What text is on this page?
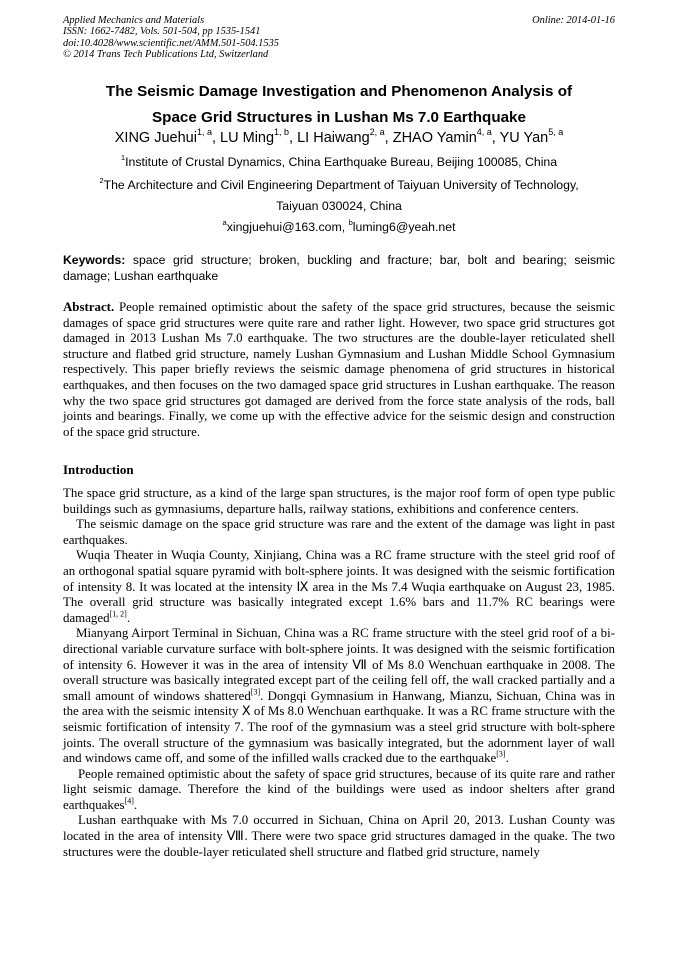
Applied Mechanics and Materials
ISSN: 1662-7482, Vols. 501-504, pp 1535-1541
doi:10.4028/www.scientific.net/AMM.501-504.1535
© 2014 Trans Tech Publications Ltd, Switzerland
Online: 2014-01-16
The Seismic Damage Investigation and Phenomenon Analysis of
Space Grid Structures in Lushan Ms 7.0 Earthquake
XING Juehui$^{1, a}$, LU Ming$^{1, b}$, LI Haiwang$^{2, a}$, ZHAO Yamin$^{4, a}$, YU Yan$^{5, a}$
$^1$Institute of Crustal Dynamics, China Earthquake Bureau, Beijing 100085, China
$^2$The Architecture and Civil Engineering Department of Taiyuan University of Technology,
Taiyuan 030024, China
$^a$xingjuehui@163.com, $^b$luming6@yeah.net
Keywords: space grid structure; broken, buckling and fracture; bar, bolt and bearing; seismic damage; Lushan earthquake
Abstract. People remained optimistic about the safety of the space grid structures, because the seismic damages of space grid structures were quite rare and rather light. However, two space grid structures got damaged in 2013 Lushan Ms 7.0 earthquake. The two structures are the double-layer reticulated shell structure and flatbed grid structure, namely Lushan Gymnasium and Lushan Middle School Gymnasium respectively. This paper briefly reviews the seismic damage phenomena of grid structures in historical earthquakes, and then focuses on the two damaged space grid structures in Lushan earthquake. The reason why the two space grid structures got damaged are derived from the force state analysis of the rods, ball joints and bearings. Finally, we come up with the effective advice for the seismic design and construction of the space grid structure.
Introduction

The space grid structure, as a kind of the large span structures, is the major roof form of open type public buildings such as gymnasiums, departure halls, railway stations, exhibitions and conference centers.

The seismic damage on the space grid structure was rare and the extent of the damage was light in past earthquakes.

Wuqia Theater in Wuqia County, Xinjiang, China was a RC frame structure with the steel grid roof of an orthogonal spatial square pyramid with bolt-sphere joints. It was designed with the seismic fortification of intensity 8. It was located at the intensity Ⅸ area in the Ms 7.4 Wuqia earthquake on August 23, 1985. The overall grid structure was basically integrated except 1.6% bars and 11.7% RC bearings were damaged[1, 2].

Mianyang Airport Terminal in Sichuan, China was a RC frame structure with the steel grid roof of a bi-directional variable curvature surface with bolt-sphere joints. It was designed with the seismic fortification of intensity 6. However it was in the area of intensity Ⅶ of Ms 8.0 Wenchuan earthquake in 2008. The overall structure was basically integrated except part of the ceiling fell off, the wall cracked partially and a small amount of windows shattered[3]. Dongqi Gymnasium in Hanwang, Mianzu, Sichuan, China was in the area with the seismic intensity Ⅹ of Ms 8.0 Wenchuan earthquake. It was a RC frame structure with the seismic fortification of intensity 7. The roof of the gymnasium was a steel grid structure with bolt-sphere joints. The overall structure of the gymnasium was basically integrated, but the adornment layer of wall and windows came off, and some of the infilled walls cracked due to the earthquake[3].

People remained optimistic about the safety of space grid structures, because of its quite rare and rather light seismic damage. Therefore the kind of the buildings were used as indoor shelters after grand earthquakes[4].

Lushan earthquake with Ms 7.0 occurred in Sichuan, China on April 20, 2013. Lushan County was located in the area of intensity Ⅷ. There were two space grid structures damaged in the quake. The two structures were the double-layer reticulated shell structure and flatbed grid structure, namely
